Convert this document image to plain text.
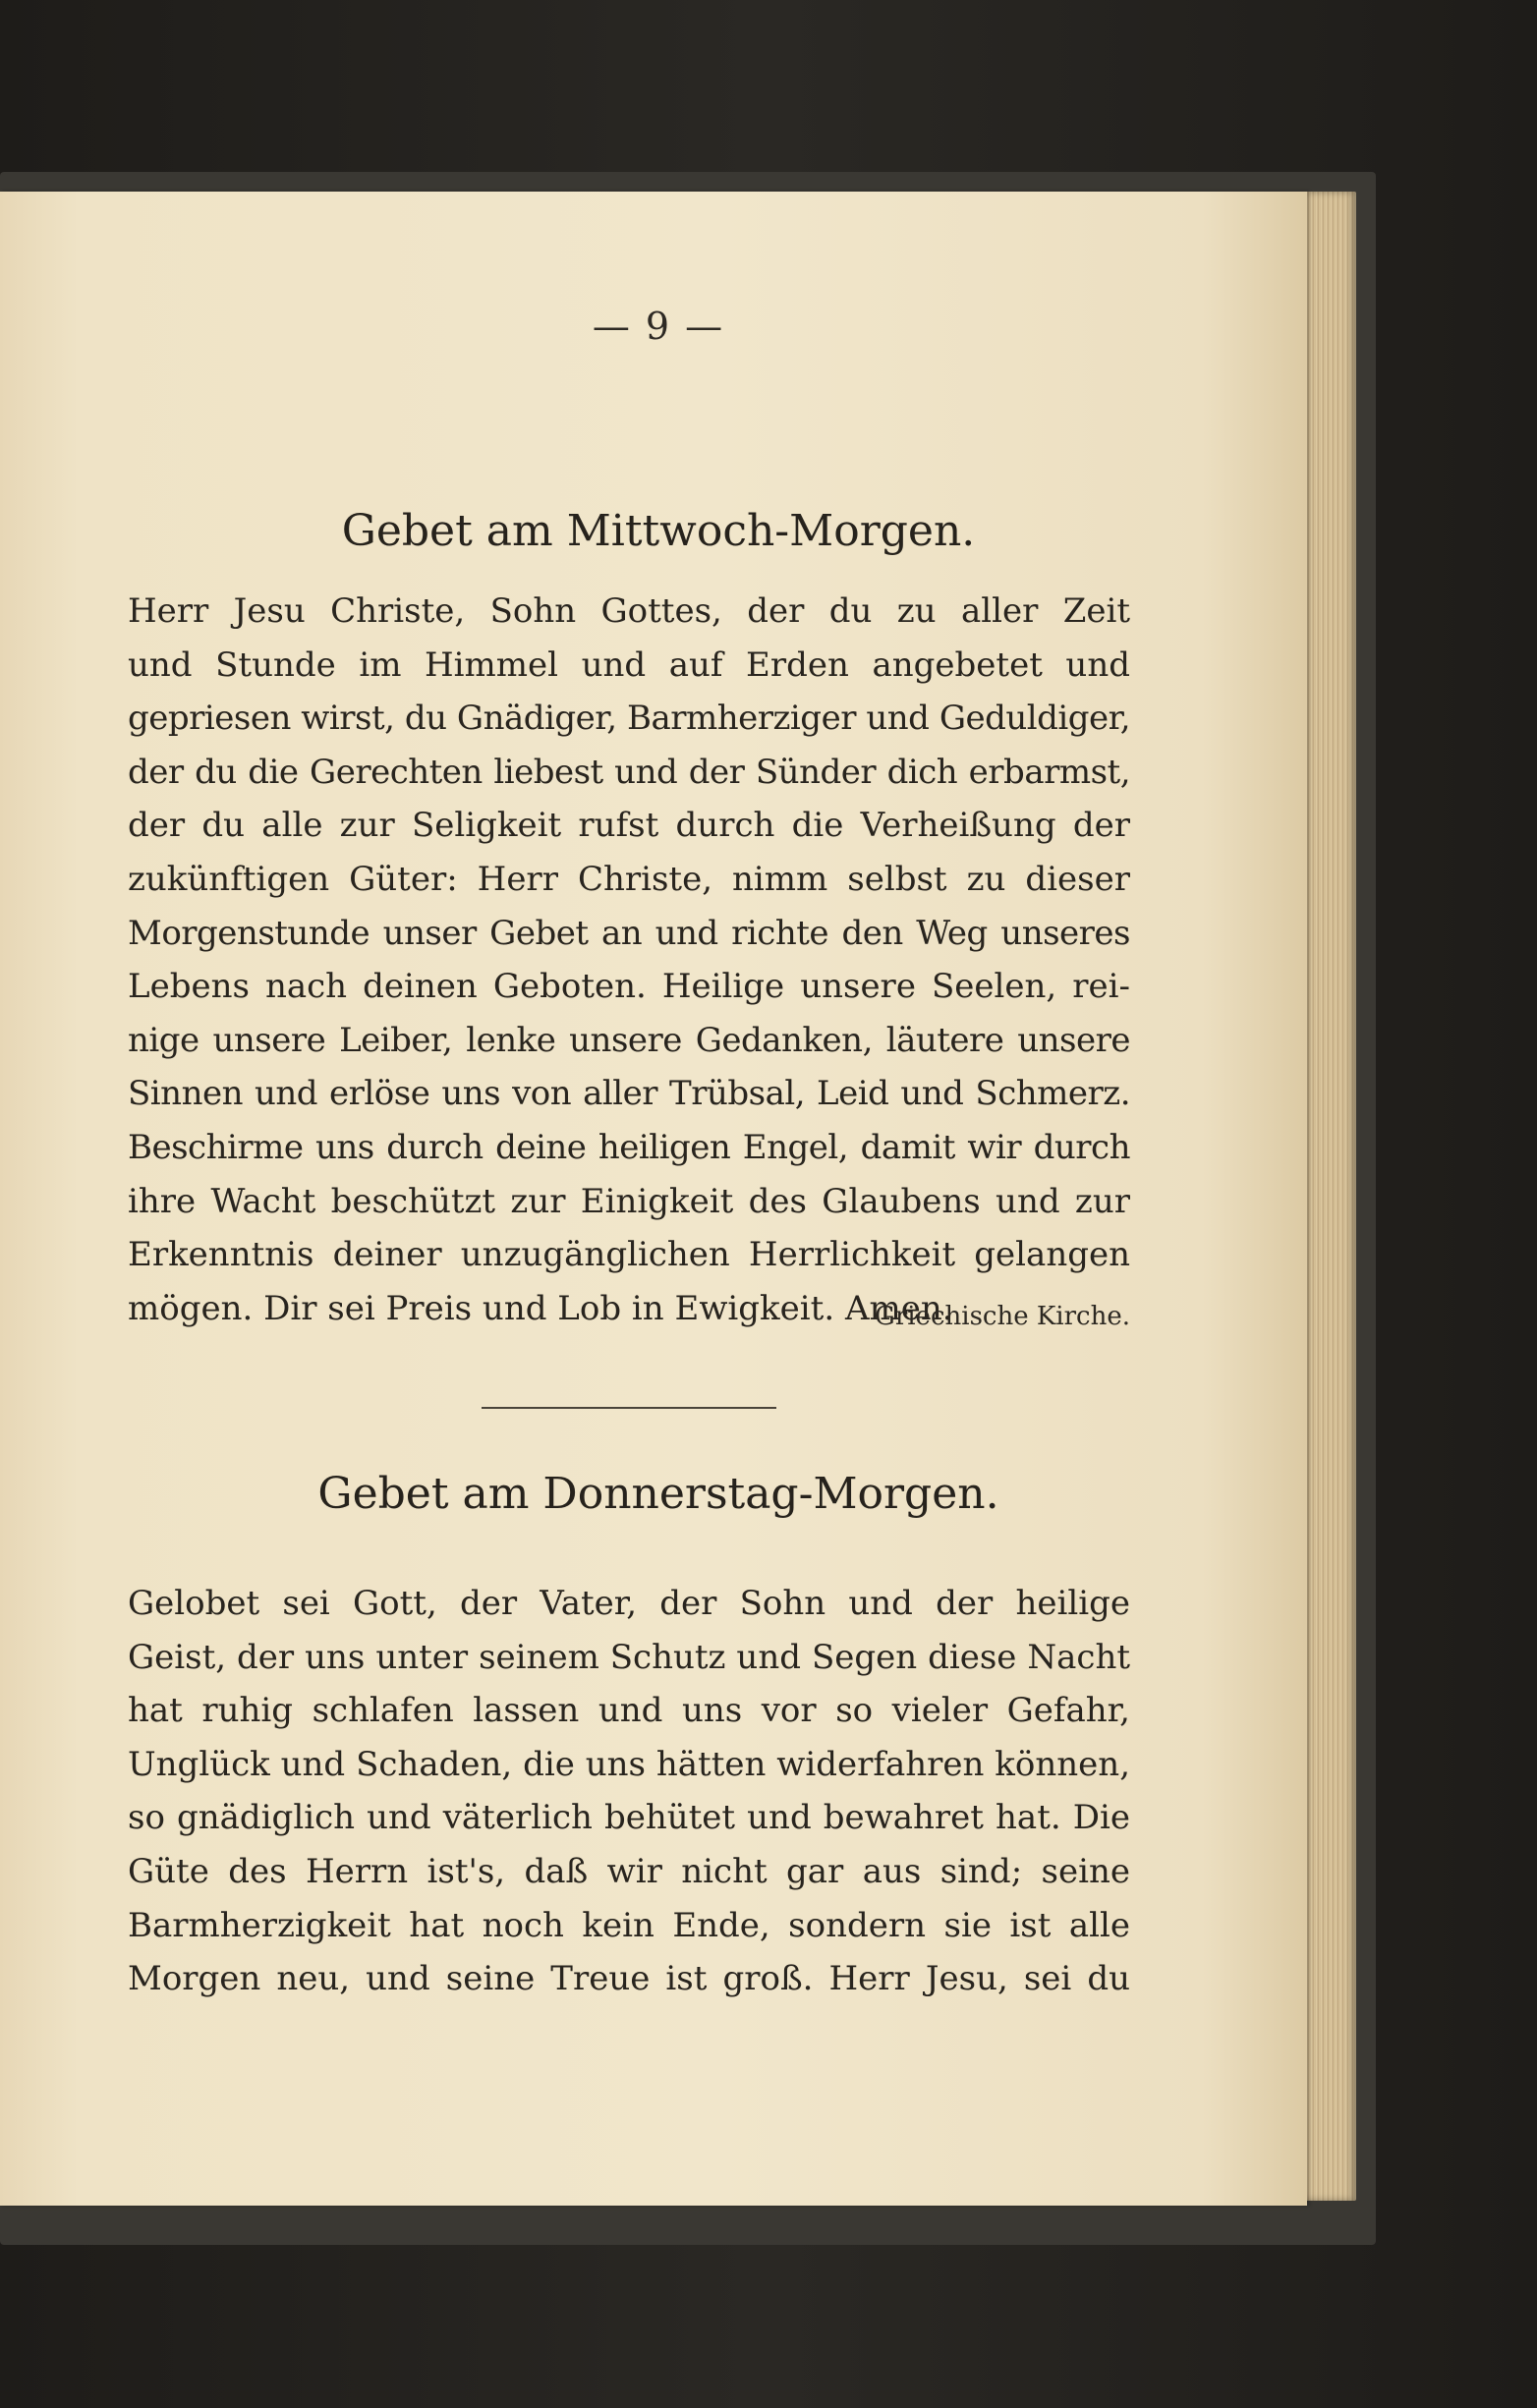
— 9 —
Gebet am Mittwoch-Morgen.
Herr Jesu Christe, Sohn Gottes, der du zu aller Zeit
und Stunde im Himmel und auf Erden angebetet und
gepriesen wirst, du Gnädiger, Barmherziger und Geduldiger,
der du die Gerechten liebest und der Sünder dich erbarmst,
der du alle zur Seligkeit rufst durch die Verheißung der
zukünftigen Güter: Herr Christe, nimm selbst zu dieser
Morgenstunde unser Gebet an und richte den Weg unseres
Lebens nach deinen Geboten. Heilige unsere Seelen, rei-
nige unsere Leiber, lenke unsere Gedanken, läutere unsere
Sinnen und erlöse uns von aller Trübsal, Leid und Schmerz.
Beschirme uns durch deine heiligen Engel, damit wir durch
ihre Wacht beschützt zur Einigkeit des Glaubens und zur
Erkenntnis deiner unzugänglichen Herrlichkeit gelangen
mögen. Dir sei Preis und Lob in Ewigkeit. Amen.
Griechische Kirche.
Gebet am Donnerstag-Morgen.
Gelobet sei Gott, der Vater, der Sohn und der heilige
Geist, der uns unter seinem Schutz und Segen diese Nacht
hat ruhig schlafen lassen und uns vor so vieler Gefahr,
Unglück und Schaden, die uns hätten widerfahren können,
so gnädiglich und väterlich behütet und bewahret hat. Die
Güte des Herrn ist's, daß wir nicht gar aus sind; seine
Barmherzigkeit hat noch kein Ende, sondern sie ist alle
Morgen neu, und seine Treue ist groß. Herr Jesu, sei du
